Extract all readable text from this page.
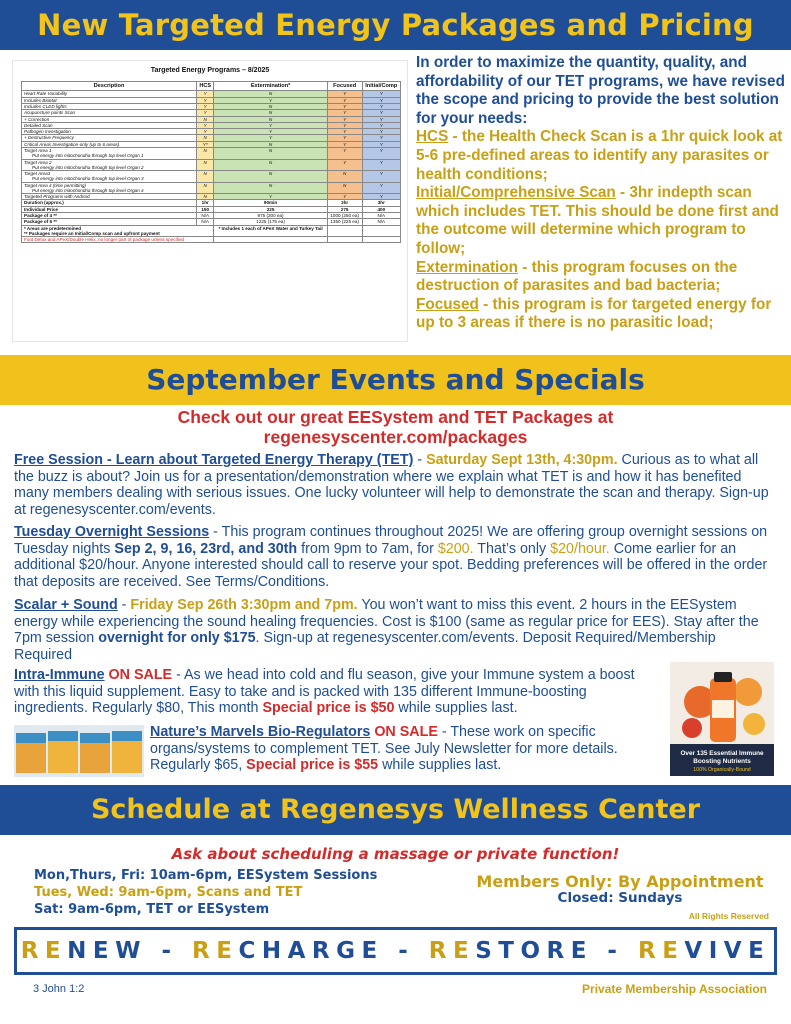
New Targeted Energy Packages and Pricing
Targeted Energy Programs – 8/2025
Description	HCS	Extermination*	Focused	Initial/Comp
Heart Rate Variability	Y	N	Y	Y
Includes BioMat	Y	Y	Y	Y
Includes CLED lights	Y	N	Y	Y
Acupuncture points Scan	Y	N	Y	Y
+ Correction	N	N	Y	Y
Detailed Scan	Y	Y	Y	Y
Pathogen Investigation	Y	Y	Y	Y
+ Destructive Frequency	N	Y	Y	Y
Critical Areas Investigation-only (up to 6 areas)	Y*	N	Y	Y
Target Area 1
Put energy into mitochondria through top level Organ 1	N	N	Y	Y
Target Area 2
Put energy into mitochondria through top level Organ 2	N	N	Y	Y
Target Area3
Put energy into mitochondria through top level Organ 3	N	N	N	Y
Target Area 4 (time permitting)
Put energy into mitochondria through top level Organ 4	N	N	N	Y
Targeted Programs with Android	N	Y	Y	Y
Duration (approx.)	1hr	90min	2hr	3hr
Individual Price	150	225	275	400
Package of 4 **	N/A	975 (200 ea)	1000 (250 ea)	N/A
Package of 6 **	N/A	1225 (175 ea)	1350 (225 ea)	N/A
* Areas are predetermined
** Packages require an Initial/Comp scan and upfront payment		* Includes 1 each of APeX Water and Turkey Tail		
Foot Detox and APeX/Double Helix, no longer part of package unless specified				
In order to maximize the quantity, quality, and affordability of our TET programs, we have revised the scope and pricing to provide the best solution for your needs:
HCS - the Health Check Scan is a 1hr quick look at 5-6 pre-defined areas to identify any parasites or health conditions;
Initial/Comprehensive Scan - 3hr indepth scan which includes TET. This should be done first and the outcome will determine which program to follow;
Extermination - this program focuses on the destruction of parasites and bad bacteria;
Focused - this program is for targeted energy for up to 3 areas if there is no parasitic load;
September Events and Specials
Check out our great EESystem and TET Packages at
regenesyscenter.com/packages
Free Session - Learn about Targeted Energy Therapy (TET) - Saturday Sept 13th, 4:30pm. Curious as to what all the buzz is about? Join us for a presentation/demonstration where we explain what TET is and how it has benefited many members dealing with serious issues. One lucky volunteer will help to demonstrate the scan and therapy. Sign-up at regenesyscenter.com/events.
Tuesday Overnight Sessions - This program continues throughout 2025! We are offering group overnight sessions on Tuesday nights Sep 2, 9, 16, 23rd, and 30th from 9pm to 7am, for $200. That’s only $20/hour. Come earlier for an additional $20/hour. Anyone interested should call to reserve your spot. Bedding preferences will be offered in the order that deposits are received. See Terms/Conditions.
Scalar + Sound - Friday Sep 26th 3:30pm and 7pm. You won’t want to miss this event. 2 hours in the EESystem energy while experiencing the sound healing frequencies. Cost is $100 (same as regular price for EES). Stay after the 7pm session overnight for only $175. Sign-up at regenesyscenter.com/events. Deposit Required/Membership Required
Intra-Immune ON SALE - As we head into cold and flu season, give your Immune system a boost with this liquid supplement. Easy to take and is packed with 135 different Immune-boosting ingredients. Regularly $80, This month Special price is $50 while supplies last.
Over 135 Essential Immune
Boosting Nutrients
100% Organically-Bound
Nature’s Marvels Bio-Regulators ON SALE - These work on specific organs/systems to complement TET. See July Newsletter for more details. Regularly $65, Special price is $55 while supplies last.
Schedule at Regenesys Wellness Center
Ask about scheduling a massage or private function!
Mon,Thurs, Fri: 10am-6pm, EESystem Sessions
Tues, Wed: 9am-6pm, Scans and TET
Sat: 9am-6pm, TET or EESystem
Members Only: By Appointment
Closed: Sundays
All Rights Reserved
RENEW - RECHARGE - RESTORE - REVIVE
3 John 1:2	Private Membership Association
